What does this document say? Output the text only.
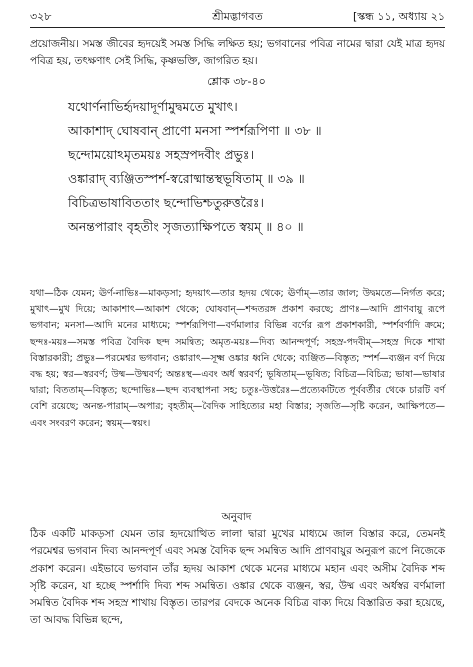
৩২৮	শ্রীমদ্ভাগবত	[স্কন্ধ ১১, অধ্যায় ২১

প্রয়োজনীয়। সমস্ত জীবের হৃদয়েই সমস্ত সিদ্ধি লক্ষিত হয়; ভগবানের পবিত্র নামের দ্বারা যেই মাত্র হৃদয় পবিত্র হয়, তৎক্ষণাৎ সেই সিদ্ধি, কৃষ্ণভক্তি, জাগরিত হয়।

শ্লোক ৩৮-৪০
যথোর্ণনাভির্হৃদয়াদূর্ণামুদ্বমতে মুখাৎ।
আকাশাদ্ ঘোষবান্ প্রাণো মনসা স্পর্শরূপিণা ॥ ৩৮ ॥
ছন্দোময়োঽমৃতময়ঃ সহস্রপদবীং প্রভুঃ।
ওঙ্কারাদ্ ব্যঞ্জিতস্পর্শ-স্বরোষ্মান্তস্থভূষিতাম্ ॥ ৩৯ ॥
বিচিত্রভাষাবিততাং ছন্দোভিশ্চতুরুত্তরৈঃ।
অনন্তপারাং বৃহতীং সৃজত্যাক্ষিপতে স্বয়ম্ ॥ ৪০ ॥

যথা—ঠিক যেমন; ঊর্ণ-নাভিঃ—মাকড়সা; হৃদয়াৎ—তার হৃদয় থেকে; ঊর্ণাম্—তার জাল; উদ্বমতে—নির্গত করে; মুখাৎ—মুখ দিয়ে; আকাশাৎ—আকাশ থেকে; ঘোষবান্—শব্দতরঙ্গ প্রকাশ করছে; প্রাণঃ—আদি প্রাণবায়ু রূপে ভগবান; মনসা—আদি মনের মাধ্যমে; স্পর্শরূপিণা—বর্ণমালার বিভিন্ন বর্ণের রূপ প্রকাশকারী, স্পর্শবর্ণাদি ক্রমে; ছন্দঃ-ময়ঃ—সমস্ত পবিত্র বৈদিক ছন্দ সমন্বিত; অমৃত-ময়ঃ—দিব্য আনন্দপূর্ণ; সহস্র-পদবীম্—সহস্র দিকে শাখা বিস্তারকারী; প্রভুঃ—পরমেশ্বর ভগবান; ওঙ্কারাৎ—সূক্ষ্ম ওঙ্কার ধ্বনি থেকে; ব্যঞ্জিত—বিস্তৃত; স্পর্শ—ব্যঞ্জন বর্ণ দিয়ে বদ্ধ হয়; স্বর—স্বরবর্ণ; উষ্ম—উষ্মবর্ণ; অন্তঃস্থ—এবং অর্ধ স্বরবর্ণ; ভূষিতাম্—ভূষিত; বিচিত্র—বিচিত্র; ভাষা—ভাষার দ্বারা; বিততাম্—বিস্তৃত; ছন্দোভিঃ—ছন্দ ব্যবস্থাপনা সহ; চতুঃ-উত্তরৈঃ—প্রত্যেকটিতে পূর্ববর্তীর থেকে চারটি বর্ণ বেশি রয়েছে; অনন্ত-পারাম্—অপার; বৃহতীম্—বৈদিক সাহিত্যের মহা বিস্তার; সৃজতি—সৃষ্টি করেন, আক্ষিপতে—এবং সংবরণ করেন; স্বয়ম্—স্বয়ং।

অনুবাদ

ঠিক একটি মাকড়সা যেমন তার হৃদয়োত্থিত লালা দ্বারা মুখের মাধ্যমে জাল বিস্তার করে, তেমনই পরমেশ্বর ভগবান দিব্য আনন্দপূর্ণ এবং সমস্ত বৈদিক ছন্দ সমন্বিত আদি প্রাণবায়ুর অনুরূপ রূপে নিজেকে প্রকাশ করেন। এইভাবে ভগবান তাঁর হৃদয় আকাশ থেকে মনের মাধ্যমে মহান এবং অসীম বৈদিক শব্দ সৃষ্টি করেন, যা হচ্ছে স্পর্শাদি দিব্য শব্দ সমন্বিত। ওঙ্কার থেকে ব্যঞ্জন, স্বর, উষ্ম এবং অর্ধস্বর বর্ণমালা সমন্বিত বৈদিক শব্দ সহস্র শাখায় বিস্তৃত। তারপর বেদকে অনেক বিচিত্র বাক্য দিয়ে বিস্তারিত করা হয়েছে, তা আবদ্ধ বিভিন্ন ছন্দে,
